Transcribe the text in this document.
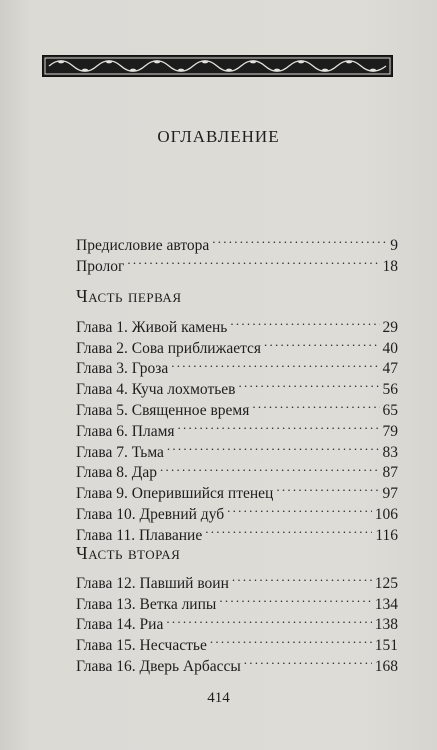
оглавление
Предисловие автора . . .	9
Пролог . . .	18
Часть первая
Глава 1. Живой камень . . .	29
Глава 2. Сова приближается . . .	40
Глава 3. Гроза . . .	47
Глава 4. Куча лохмотьев . . .	56
Глава 5. Священное время . . .	65
Глава 6. Пламя . . .	79
Глава 7. Тьма . . .	83
Глава 8. Дар . . .	87
Глава 9. Оперившийся птенец . . .	97
Глава 10. Древний дуб . . .	106
Глава 11. Плавание . . .	116
Часть вторая
Глава 12. Павший воин . . .	125
Глава 13. Ветка липы . . .	134
Глава 14. Риа . . .	138
Глава 15. Несчастье . . .	151
Глава 16. Дверь Арбассы . . .	168
414
